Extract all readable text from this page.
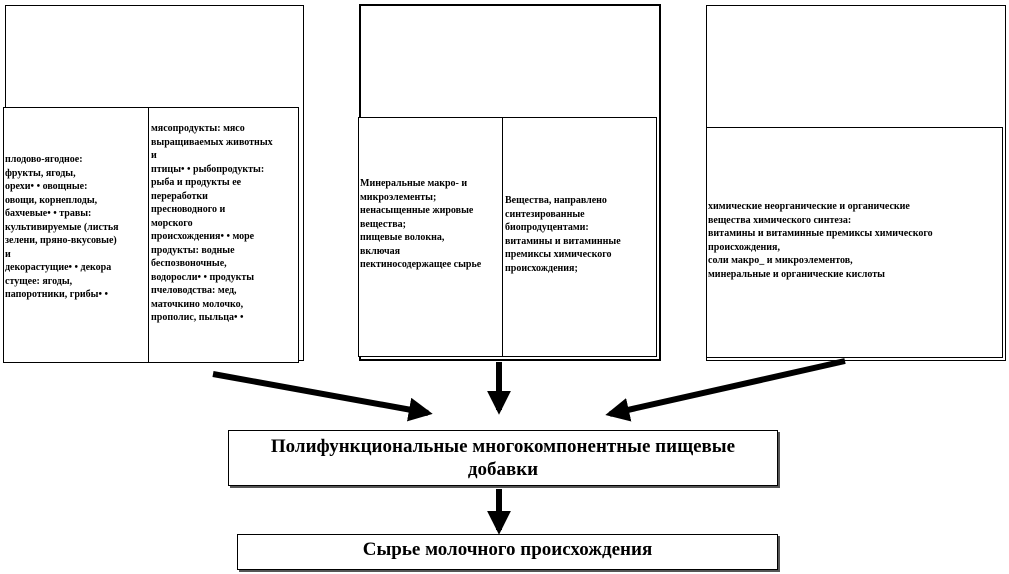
плодово-ягодное:
фрукты, ягоды,
орехи• • овощные:
овощи, корнеплоды,
бахчевые• • травы:
культивируемые (листья
зелени, пряно-вкусовые)
и
декорастущие• • декора
стущее: ягоды,
папоротники, грибы• •
мясопродукты: мясо
выращиваемых животных
и
птицы• • рыбопродукты:
рыба и продукты ее
переработки
пресноводного и
морского
происхождения• • море
продукты: водные
беспозвоночные,
водоросли• • продукты
пчеловодства: мед,
маточкино молочко,
прополис, пыльца• •
Минеральные макро- и
микроэлементы;
ненасыщенные жировые
вещества;
пищевые волокна,
включая
пектиносодержащее сырье
Вещества, направлено
синтезированные
биопродуцентами:
витамины и витаминные
премиксы химического
происхождения;
химические неорганические и органические
вещества химического синтеза:
витамины и витаминные премиксы химического
происхождения,
соли макро_ и микроэлементов,
минеральные и органические кислоты
Полифункциональные многокомпонентные пищевые добавки
Сырье молочного происхождения
